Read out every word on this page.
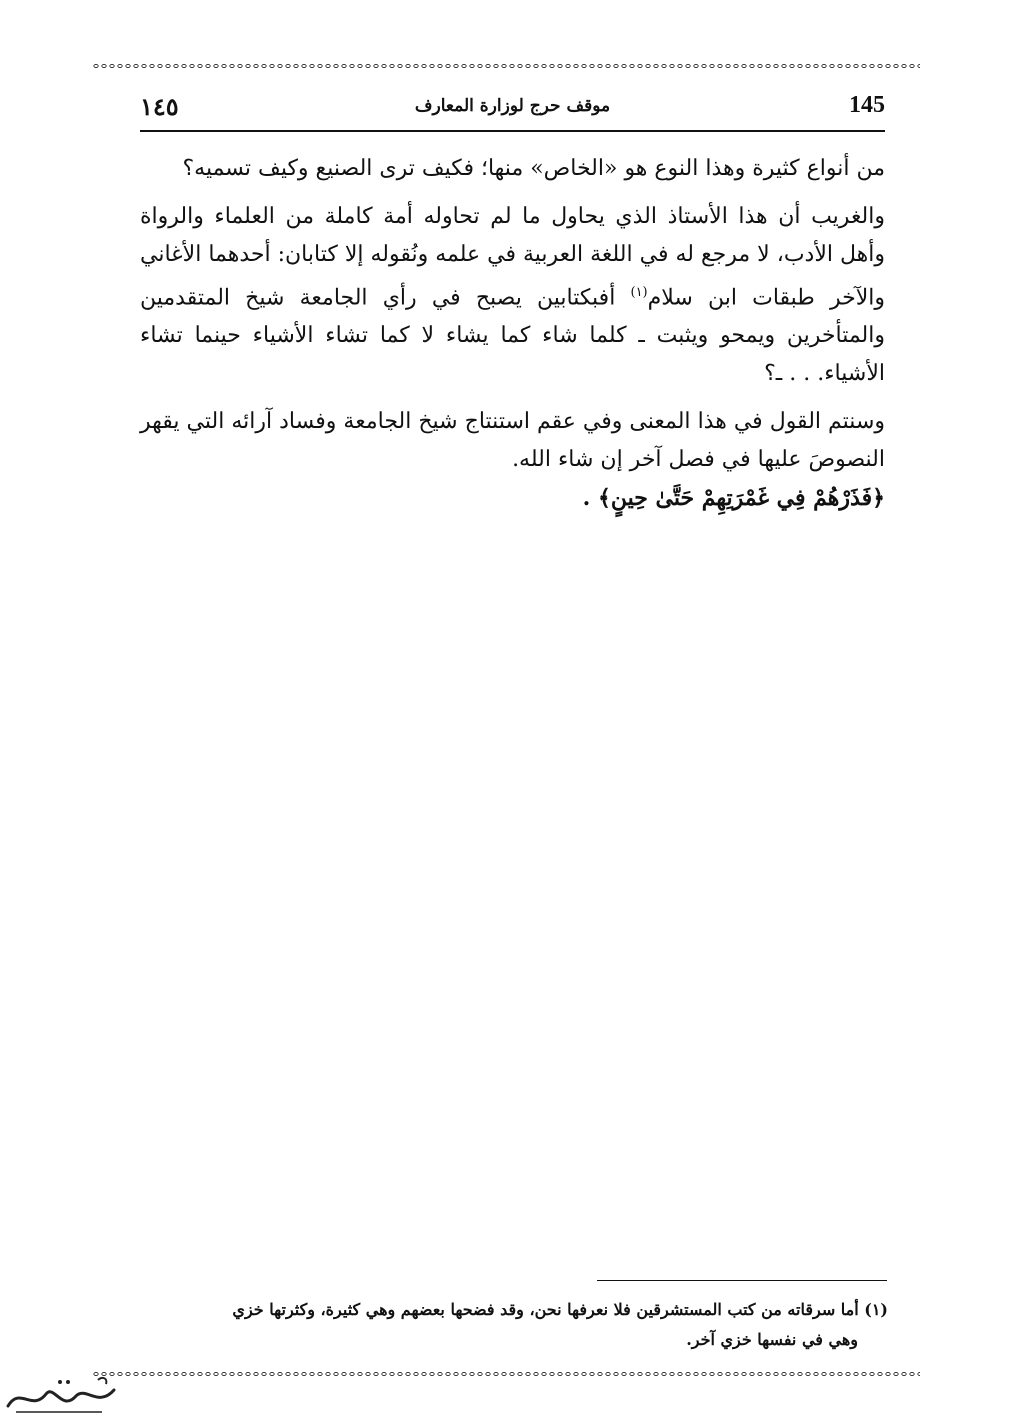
145
موقف حرج لوزارة المعارف
١٤٥

من أنواع كثيرة وهذا النوع هو «الخاص» منها؛ فكيف ترى الصنيع وكيف تسميه؟

والغريب أن هذا الأستاذ الذي يحاول ما لم تحاوله أمة كاملة من العلماء والرواة وأهل الأدب، لا مرجع له في اللغة العربية في علمه ونُقوله إلا كتابان: أحدهما الأغاني والآخر طبقات ابن سلام$^{(١)}$ أفبكتابين يصبح في رأي الجامعة شيخ المتقدمين والمتأخرين ويمحو ويثبت ـ كلما شاء كما يشاء لا كما تشاء الأشياء حينما تشاء الأشياء. . . ـ؟

وسنتم القول في هذا المعنى وفي عقم استنتاج شيخ الجامعة وفساد آرائه التي يقهر النصوصَ عليها في فصل آخر إن شاء الله.

﴿فَذَرْهُمْ فِي غَمْرَتِهِمْ حَتَّىٰ حِينٍ﴾ .

(١) أما سرقاته من كتب المستشرقين فلا نعرفها نحن، وقد فضحها بعضهم وهي كثيرة، وكثرتها خزي
وهي في نفسها خزي آخر.
